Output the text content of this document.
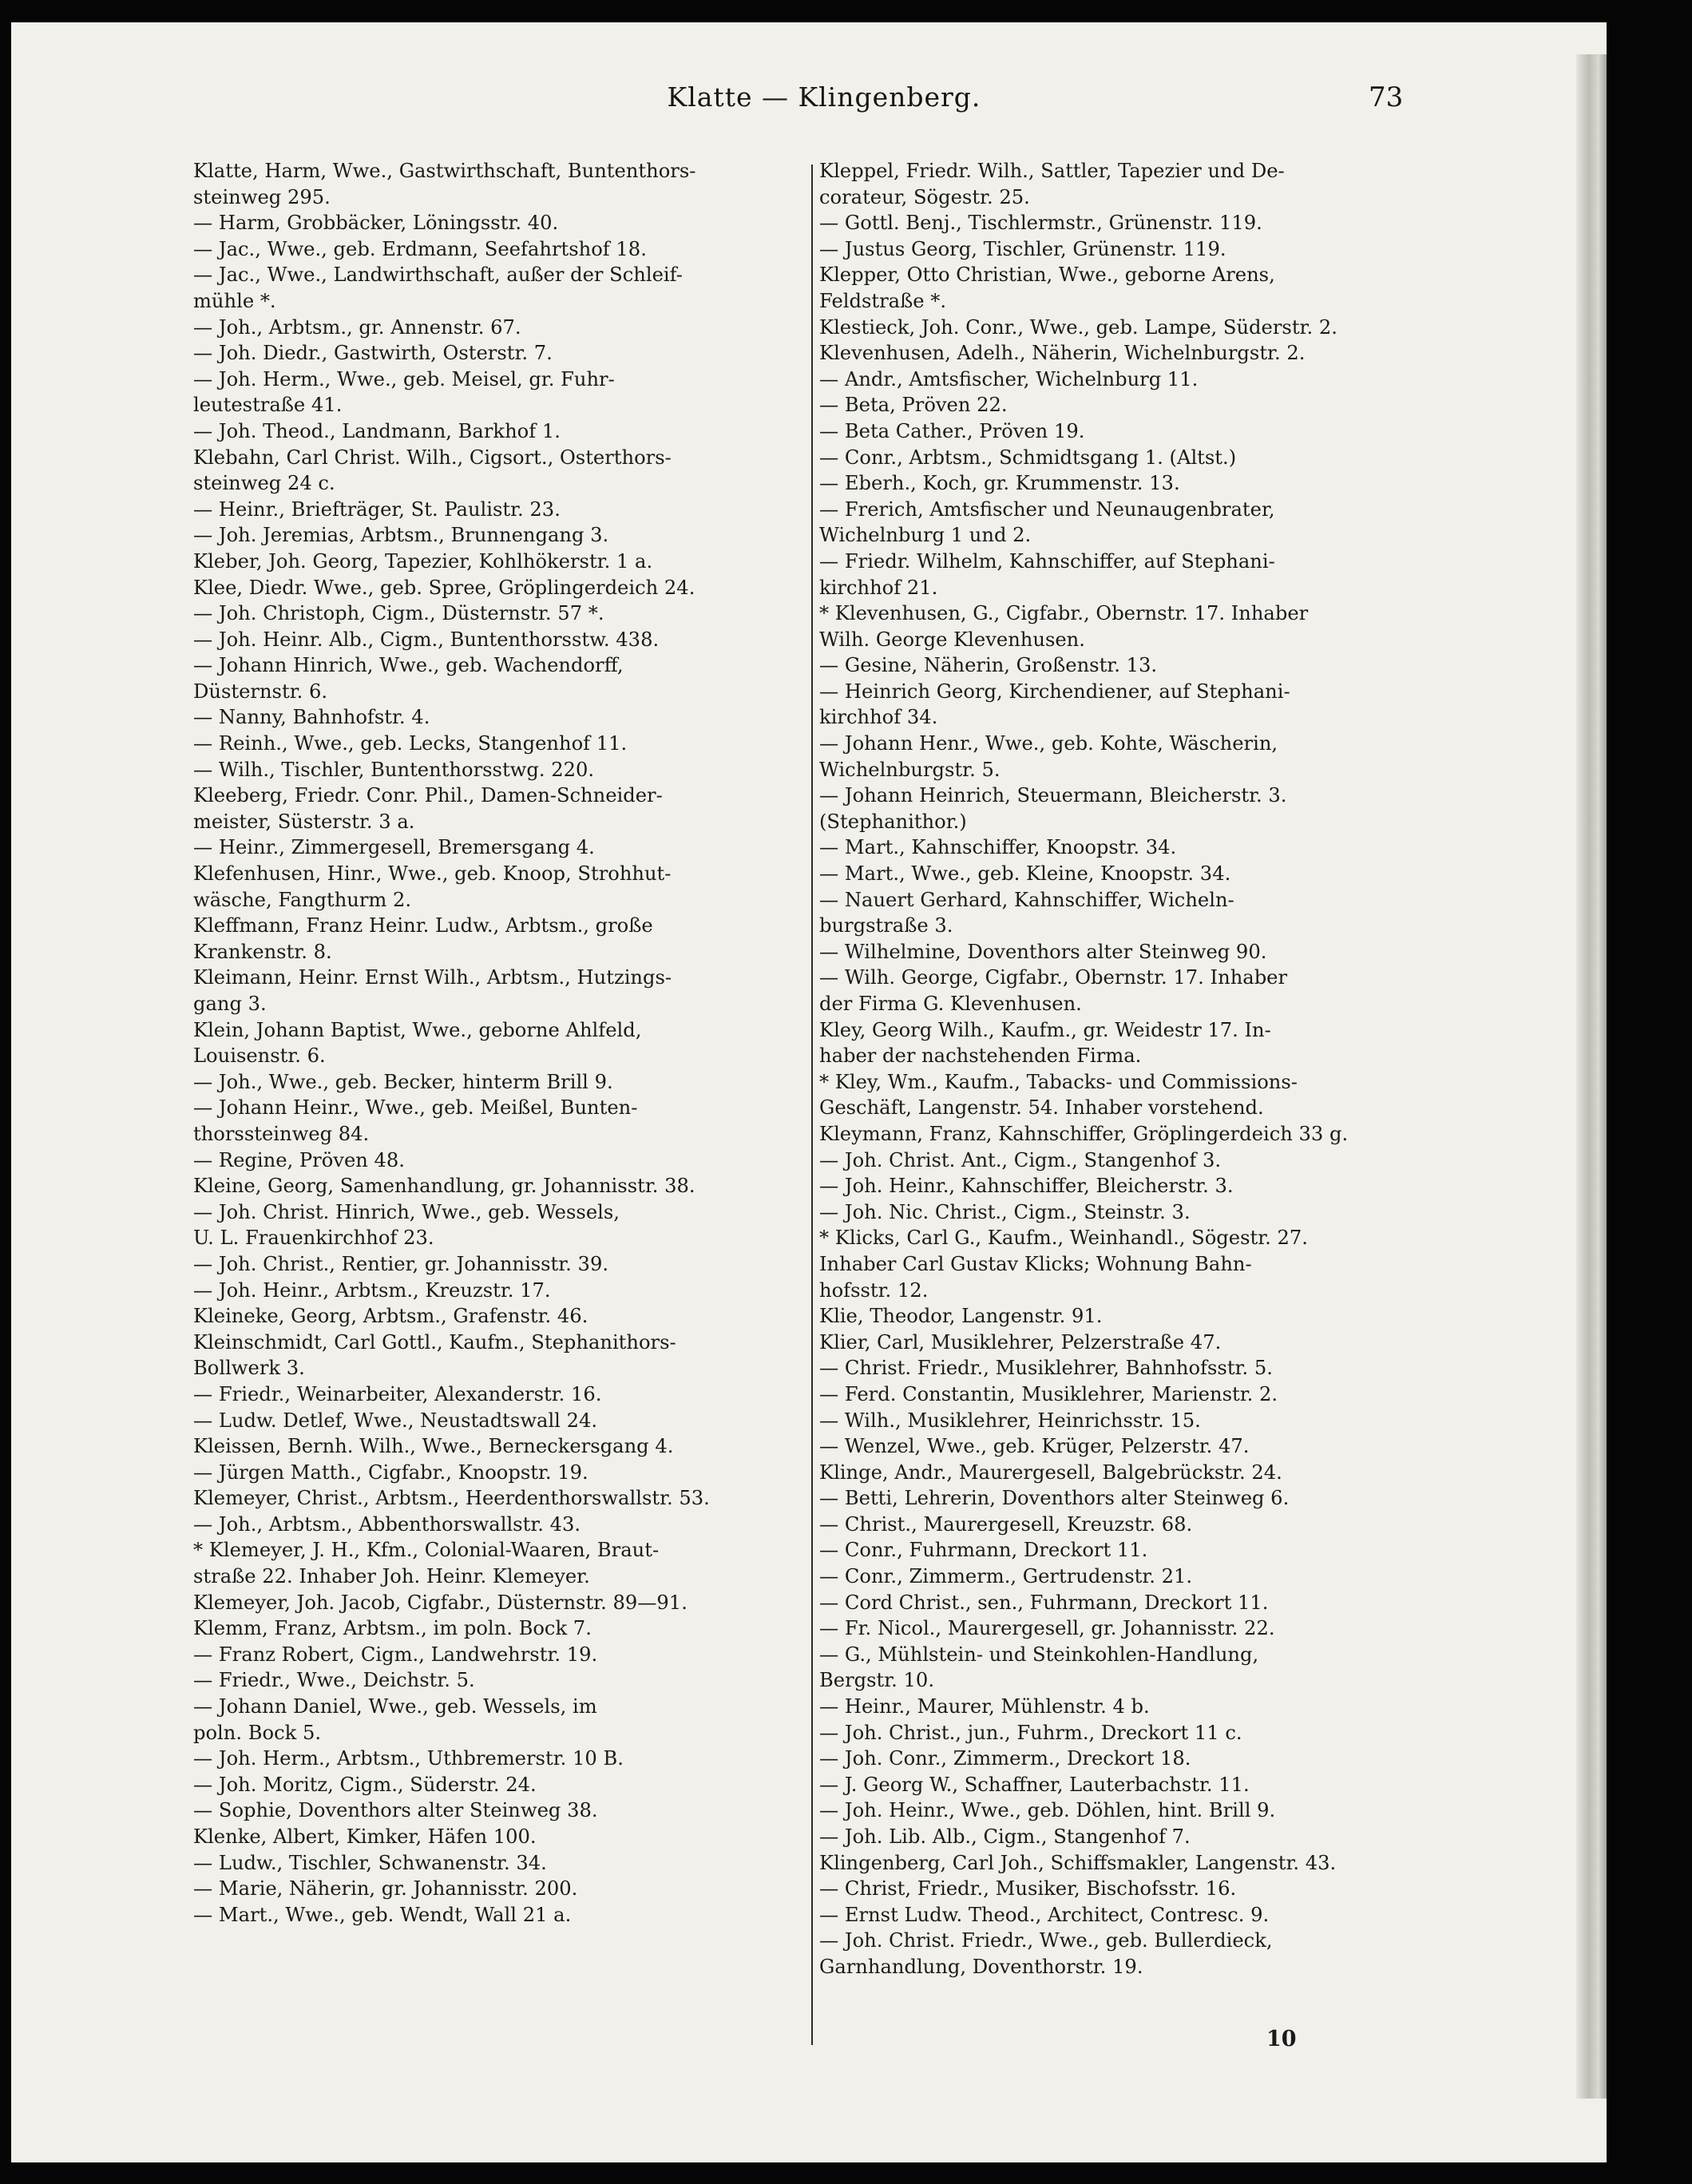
Klatte — Klingenberg.	73

Klatte, Harm, Wwe., Gastwirthschaft, Buntenthors-

steinweg 295.

— Harm, Grobbäcker, Löningsstr. 40.

— Jac., Wwe., geb. Erdmann, Seefahrtshof 18.

— Jac., Wwe., Landwirthschaft, außer der Schleif-

mühle *.

— Joh., Arbtsm., gr. Annenstr. 67.

— Joh. Diedr., Gastwirth, Osterstr. 7.

— Joh. Herm., Wwe., geb. Meisel, gr. Fuhr-

leutestraße 41.

— Joh. Theod., Landmann, Barkhof 1.

Klebahn, Carl Christ. Wilh., Cigsort., Osterthors-

steinweg 24 c.

— Heinr., Briefträger, St. Paulistr. 23.

— Joh. Jeremias, Arbtsm., Brunnengang 3.

Kleber, Joh. Georg, Tapezier, Kohlhökerstr. 1 a.

Klee, Diedr. Wwe., geb. Spree, Gröplingerdeich 24.

— Joh. Christoph, Cigm., Düsternstr. 57 *.

— Joh. Heinr. Alb., Cigm., Buntenthorsstw. 438.

— Johann Hinrich, Wwe., geb. Wachendorff,

Düsternstr. 6.

— Nanny, Bahnhofstr. 4.

— Reinh., Wwe., geb. Lecks, Stangenhof 11.

— Wilh., Tischler, Buntenthorsstwg. 220.

Kleeberg, Friedr. Conr. Phil., Damen-Schneider-

meister, Süsterstr. 3 a.

— Heinr., Zimmergesell, Bremersgang 4.

Klefenhusen, Hinr., Wwe., geb. Knoop, Strohhut-

wäsche, Fangthurm 2.

Kleffmann, Franz Heinr. Ludw., Arbtsm., große

Krankenstr. 8.

Kleimann, Heinr. Ernst Wilh., Arbtsm., Hutzings-

gang 3.

Klein, Johann Baptist, Wwe., geborne Ahlfeld,

Louisenstr. 6.

— Joh., Wwe., geb. Becker, hinterm Brill 9.

— Johann Heinr., Wwe., geb. Meißel, Bunten-

thorssteinweg 84.

— Regine, Pröven 48.

Kleine, Georg, Samenhandlung, gr. Johannisstr. 38.

— Joh. Christ. Hinrich, Wwe., geb. Wessels,

U. L. Frauenkirchhof 23.

— Joh. Christ., Rentier, gr. Johannisstr. 39.

— Joh. Heinr., Arbtsm., Kreuzstr. 17.

Kleineke, Georg, Arbtsm., Grafenstr. 46.

Kleinschmidt, Carl Gottl., Kaufm., Stephanithors-

Bollwerk 3.

— Friedr., Weinarbeiter, Alexanderstr. 16.

— Ludw. Detlef, Wwe., Neustadtswall 24.

Kleissen, Bernh. Wilh., Wwe., Berneckersgang 4.

— Jürgen Matth., Cigfabr., Knoopstr. 19.

Klemeyer, Christ., Arbtsm., Heerdenthorswallstr. 53.

— Joh., Arbtsm., Abbenthorswallstr. 43.

* Klemeyer, J. H., Kfm., Colonial-Waaren, Braut-

straße 22. Inhaber Joh. Heinr. Klemeyer.

Klemeyer, Joh. Jacob, Cigfabr., Düsternstr. 89—91.

Klemm, Franz, Arbtsm., im poln. Bock 7.

— Franz Robert, Cigm., Landwehrstr. 19.

— Friedr., Wwe., Deichstr. 5.

— Johann Daniel, Wwe., geb. Wessels, im

poln. Bock 5.

— Joh. Herm., Arbtsm., Uthbremerstr. 10 B.

— Joh. Moritz, Cigm., Süderstr. 24.

— Sophie, Doventhors alter Steinweg 38.

Klenke, Albert, Kimker, Häfen 100.

— Ludw., Tischler, Schwanenstr. 34.

— Marie, Näherin, gr. Johannisstr. 200.

— Mart., Wwe., geb. Wendt, Wall 21 a.

Kleppel, Friedr. Wilh., Sattler, Tapezier und De-

corateur, Sögestr. 25.

— Gottl. Benj., Tischlermstr., Grünenstr. 119.

— Justus Georg, Tischler, Grünenstr. 119.

Klepper, Otto Christian, Wwe., geborne Arens,

Feldstraße *.

Klestieck, Joh. Conr., Wwe., geb. Lampe, Süderstr. 2.

Klevenhusen, Adelh., Näherin, Wichelnburgstr. 2.

— Andr., Amtsfischer, Wichelnburg 11.

— Beta, Pröven 22.

— Beta Cather., Pröven 19.

— Conr., Arbtsm., Schmidtsgang 1. (Altst.)

— Eberh., Koch, gr. Krummenstr. 13.

— Frerich, Amtsfischer und Neunaugenbrater,

Wichelnburg 1 und 2.

— Friedr. Wilhelm, Kahnschiffer, auf Stephani-

kirchhof 21.

* Klevenhusen, G., Cigfabr., Obernstr. 17. Inhaber

Wilh. George Klevenhusen.

— Gesine, Näherin, Großenstr. 13.

— Heinrich Georg, Kirchendiener, auf Stephani-

kirchhof 34.

— Johann Henr., Wwe., geb. Kohte, Wäscherin,

Wichelnburgstr. 5.

— Johann Heinrich, Steuermann, Bleicherstr. 3.

(Stephanithor.)

— Mart., Kahnschiffer, Knoopstr. 34.

— Mart., Wwe., geb. Kleine, Knoopstr. 34.

— Nauert Gerhard, Kahnschiffer, Wicheln-

burgstraße 3.

— Wilhelmine, Doventhors alter Steinweg 90.

— Wilh. George, Cigfabr., Obernstr. 17. Inhaber

der Firma G. Klevenhusen.

Kley, Georg Wilh., Kaufm., gr. Weidestr 17. In-

haber der nachstehenden Firma.

* Kley, Wm., Kaufm., Tabacks- und Commissions-

Geschäft, Langenstr. 54. Inhaber vorstehend.

Kleymann, Franz, Kahnschiffer, Gröplingerdeich 33 g.

— Joh. Christ. Ant., Cigm., Stangenhof 3.

— Joh. Heinr., Kahnschiffer, Bleicherstr. 3.

— Joh. Nic. Christ., Cigm., Steinstr. 3.

* Klicks, Carl G., Kaufm., Weinhandl., Sögestr. 27.

Inhaber Carl Gustav Klicks; Wohnung Bahn-

hofsstr. 12.

Klie, Theodor, Langenstr. 91.

Klier, Carl, Musiklehrer, Pelzerstraße 47.

— Christ. Friedr., Musiklehrer, Bahnhofsstr. 5.

— Ferd. Constantin, Musiklehrer, Marienstr. 2.

— Wilh., Musiklehrer, Heinrichsstr. 15.

— Wenzel, Wwe., geb. Krüger, Pelzerstr. 47.

Klinge, Andr., Maurergesell, Balgebrückstr. 24.

— Betti, Lehrerin, Doventhors alter Steinweg 6.

— Christ., Maurergesell, Kreuzstr. 68.

— Conr., Fuhrmann, Dreckort 11.

— Conr., Zimmerm., Gertrudenstr. 21.

— Cord Christ., sen., Fuhrmann, Dreckort 11.

— Fr. Nicol., Maurergesell, gr. Johannisstr. 22.

— G., Mühlstein- und Steinkohlen-Handlung,

Bergstr. 10.

— Heinr., Maurer, Mühlenstr. 4 b.

— Joh. Christ., jun., Fuhrm., Dreckort 11 c.

— Joh. Conr., Zimmerm., Dreckort 18.

— J. Georg W., Schaffner, Lauterbachstr. 11.

— Joh. Heinr., Wwe., geb. Döhlen, hint. Brill 9.

— Joh. Lib. Alb., Cigm., Stangenhof 7.

Klingenberg, Carl Joh., Schiffsmakler, Langenstr. 43.

— Christ, Friedr., Musiker, Bischofsstr. 16.

— Ernst Ludw. Theod., Architect, Contresc. 9.

— Joh. Christ. Friedr., Wwe., geb. Bullerdieck,

Garnhandlung, Doventhorstr. 19.

10
